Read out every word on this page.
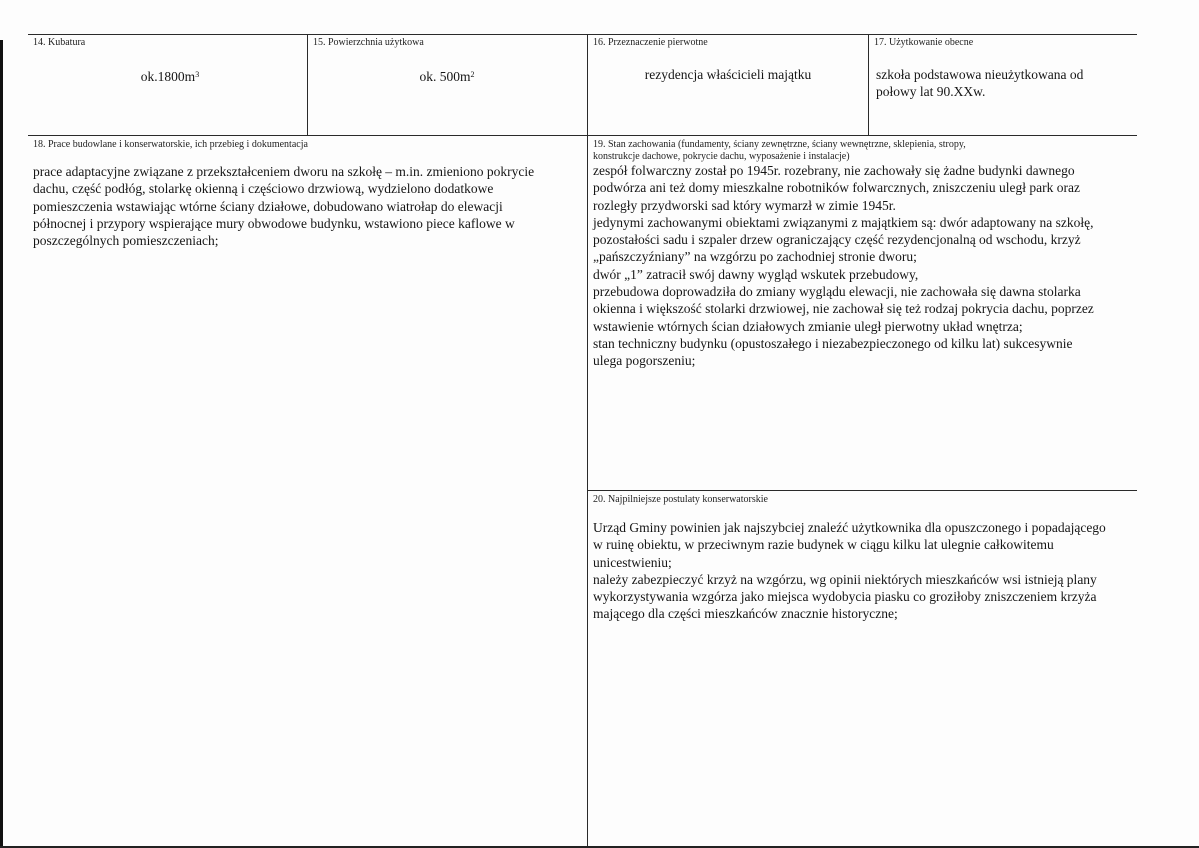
14. Kubatura
$ok.1800m^3$
15. Powierzchnia użytkowa
ok. $500m^2$
16. Przeznaczenie pierwotne
rezydencja właścicieli majątku
17. Użytkowanie obecne
szkoła podstawowa nieużytkowana od
połowy lat 90.XXw.
18. Prace budowlane i konserwatorskie, ich przebieg i dokumentacja
prace adaptacyjne związane z przekształceniem dworu na szkołę – m.in. zmieniono pokrycie
dachu, część podłóg, stolarkę okienną i częściowo drzwiową, wydzielono dodatkowe
pomieszczenia wstawiając wtórne ściany działowe, dobudowano wiatrołap do elewacji
północnej i przypory wspierające mury obwodowe budynku, wstawiono piece kaflowe w
poszczególnych pomieszczeniach;
19. Stan zachowania (fundamenty, ściany zewnętrzne, ściany wewnętrzne, sklepienia, stropy,
konstrukcje dachowe, pokrycie dachu, wyposażenie i instalacje)
zespół folwarczny został po 1945r. rozebrany, nie zachowały się żadne budynki dawnego
podwórza ani też domy mieszkalne robotników folwarcznych, zniszczeniu uległ park oraz
rozległy przydworski sad który wymarzł w zimie 1945r.
jedynymi zachowanymi obiektami związanymi z majątkiem są: dwór adaptowany na szkołę,
pozostałości sadu i szpaler drzew ograniczający część rezydencjonalną od wschodu, krzyż
„pańszczyźniany” na wzgórzu po zachodniej stronie dworu;
dwór „1” zatracił swój dawny wygląd wskutek przebudowy,
przebudowa doprowadziła do zmiany wyglądu elewacji, nie zachowała się dawna stolarka
okienna i większość stolarki drzwiowej, nie zachował się też rodzaj pokrycia dachu, poprzez
wstawienie wtórnych ścian działowych zmianie uległ pierwotny układ wnętrza;
stan techniczny budynku (opustoszałego i niezabezpieczonego od kilku lat) sukcesywnie
ulega pogorszeniu;
20. Najpilniejsze postulaty konserwatorskie
Urząd Gminy powinien jak najszybciej znaleźć użytkownika dla opuszczonego i popadającego
w ruinę obiektu, w przeciwnym razie budynek w ciągu kilku lat ulegnie całkowitemu
unicestwieniu;
należy zabezpieczyć krzyż na wzgórzu, wg opinii niektórych mieszkańców wsi istnieją plany
wykorzystywania wzgórza jako miejsca wydobycia piasku co groziłoby zniszczeniem krzyża
mającego dla części mieszkańców znacznie historyczne;
